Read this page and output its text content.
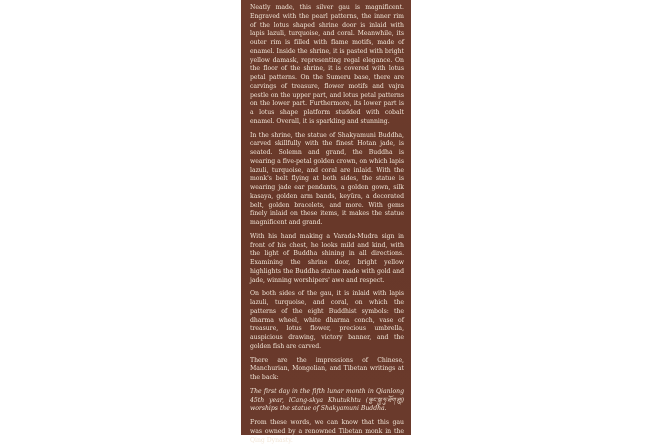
Neatly made, this silver gau is magnificent. Engraved with the pearl patterns, the inner rim of the lotus shaped shrine door is inlaid with lapis lazuli, turquoise, and coral. Meanwhile, its outer rim is filled with flame motifs, made of enamel. Inside the shrine, it is pasted with bright yellow damask, representing regal elegance. On the floor of the shrine, it is covered with lotus petal patterns. On the Sumeru base, there are carvings of treasure, flower motifs and vajra pestle on the upper part, and lotus petal patterns on the lower part. Furthermore, its lower part is a lotus shape platform studded with cobalt enamel. Overall, it is sparkling and stunning.

In the shrine, the statue of Shakyamuni Buddha, carved skillfully with the finest Hotan jade, is seated. Solemn and grand, the Buddha is wearing a five-petal golden crown, on which lapis lazuli, turquoise, and coral are inlaid. With the monk's belt flying at both sides, the statue is wearing jade ear pendants, a golden gown, silk kasaya, golden arm bands, keyūra, a decorated belt, golden bracelets, and more. With gems finely inlaid on these items, it makes the statue magnificent and grand.

With his hand making a Varada-Mudra sign in front of his chest, he looks mild and kind, with the light of Buddha shining in all directions. Examining the shrine door, bright yellow highlights the Buddha statue made with gold and jade, winning worshipers' awe and respect.

On both sides of the gau, it is inlaid with lapis lazuli, turquoise, and coral, on which the patterns of the eight Buddhist symbols: the dharma wheel, white dharma conch, vase of treasure, lotus flower, precious umbrella, auspicious drawing, victory banner, and the golden fish are carved.

There are the impressions of Chinese, Manchurian, Mongolian, and Tibetan writings at the back:

The first day in the fifth lunar month in Qianlong 45th year, lCang-skya Khutukhtu (ལྕང་སྐྱ་ཧུ་ཐོག་ཐུ།) worships the statue of Shakyamuni Buddha.

From these words, we can know that this gau was owned by a renowned Tibetan monk in the Qing Dynasty.
